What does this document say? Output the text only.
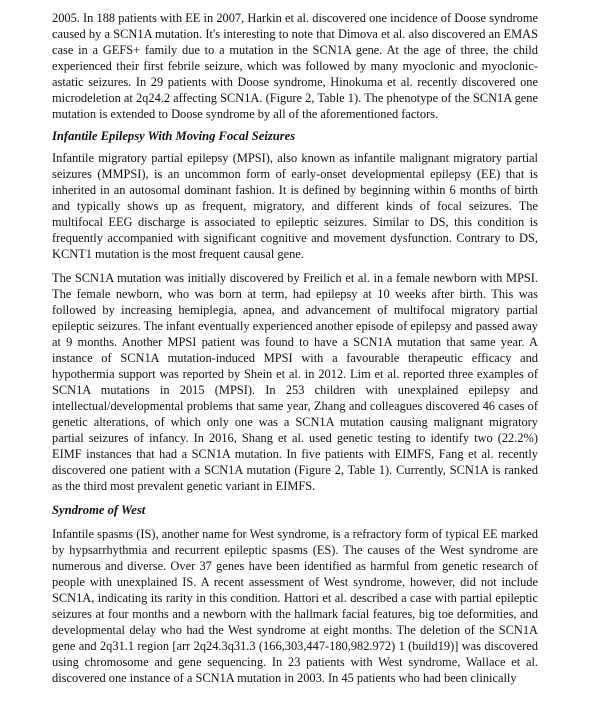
2005. In 188 patients with EE in 2007, Harkin et al. discovered one incidence of Doose syndrome caused by a SCN1A mutation. It's interesting to note that Dimova et al. also discovered an EMAS case in a GEFS+ family due to a mutation in the SCN1A gene. At the age of three, the child experienced their first febrile seizure, which was followed by many myoclonic and myoclonic-astatic seizures. In 29 patients with Doose syndrome, Hinokuma et al. recently discovered one microdeletion at 2q24.2 affecting SCN1A. (Figure 2, Table 1). The phenotype of the SCN1A gene mutation is extended to Doose syndrome by all of the aforementioned factors.

Infantile Epilepsy With Moving Focal Seizures

Infantile migratory partial epilepsy (MPSI), also known as infantile malignant migratory partial seizures (MMPSI), is an uncommon form of early-onset developmental epilepsy (EE) that is inherited in an autosomal dominant fashion. It is defined by beginning within 6 months of birth and typically shows up as frequent, migratory, and different kinds of focal seizures. The multifocal EEG discharge is associated to epileptic seizures. Similar to DS, this condition is frequently accompanied with significant cognitive and movement dysfunction. Contrary to DS, KCNT1 mutation is the most frequent causal gene.

The SCN1A mutation was initially discovered by Freilich et al. in a female newborn with MPSI. The female newborn, who was born at term, had epilepsy at 10 weeks after birth. This was followed by increasing hemiplegia, apnea, and advancement of multifocal migratory partial epileptic seizures. The infant eventually experienced another episode of epilepsy and passed away at 9 months. Another MPSI patient was found to have a SCN1A mutation that same year. A instance of SCN1A mutation-induced MPSI with a favourable therapeutic efficacy and hypothermia support was reported by Shein et al. in 2012. Lim et al. reported three examples of SCN1A mutations in 2015 (MPSI). In 253 children with unexplained epilepsy and intellectual/developmental problems that same year, Zhang and colleagues discovered 46 cases of genetic alterations, of which only one was a SCN1A mutation causing malignant migratory partial seizures of infancy. In 2016, Shang et al. used genetic testing to identify two (22.2%) EIMF instances that had a SCN1A mutation. In five patients with EIMFS, Fang et al. recently discovered one patient with a SCN1A mutation (Figure 2, Table 1). Currently, SCN1A is ranked as the third most prevalent genetic variant in EIMFS.

Syndrome of West

Infantile spasms (IS), another name for West syndrome, is a refractory form of typical EE marked by hypsarrhythmia and recurrent epileptic spasms (ES). The causes of the West syndrome are numerous and diverse. Over 37 genes have been identified as harmful from genetic research of people with unexplained IS. A recent assessment of West syndrome, however, did not include SCN1A, indicating its rarity in this condition. Hattori et al. described a case with partial epileptic seizures at four months and a newborn with the hallmark facial features, big toe deformities, and developmental delay who had the West syndrome at eight months. The deletion of the SCN1A gene and 2q31.1 region [arr 2q24.3q31.3 (166,303,447-180,982.972) 1 (build19)] was discovered using chromosome and gene sequencing. In 23 patients with West syndrome, Wallace et al. discovered one instance of a SCN1A mutation in 2003. In 45 patients who had been clinically
